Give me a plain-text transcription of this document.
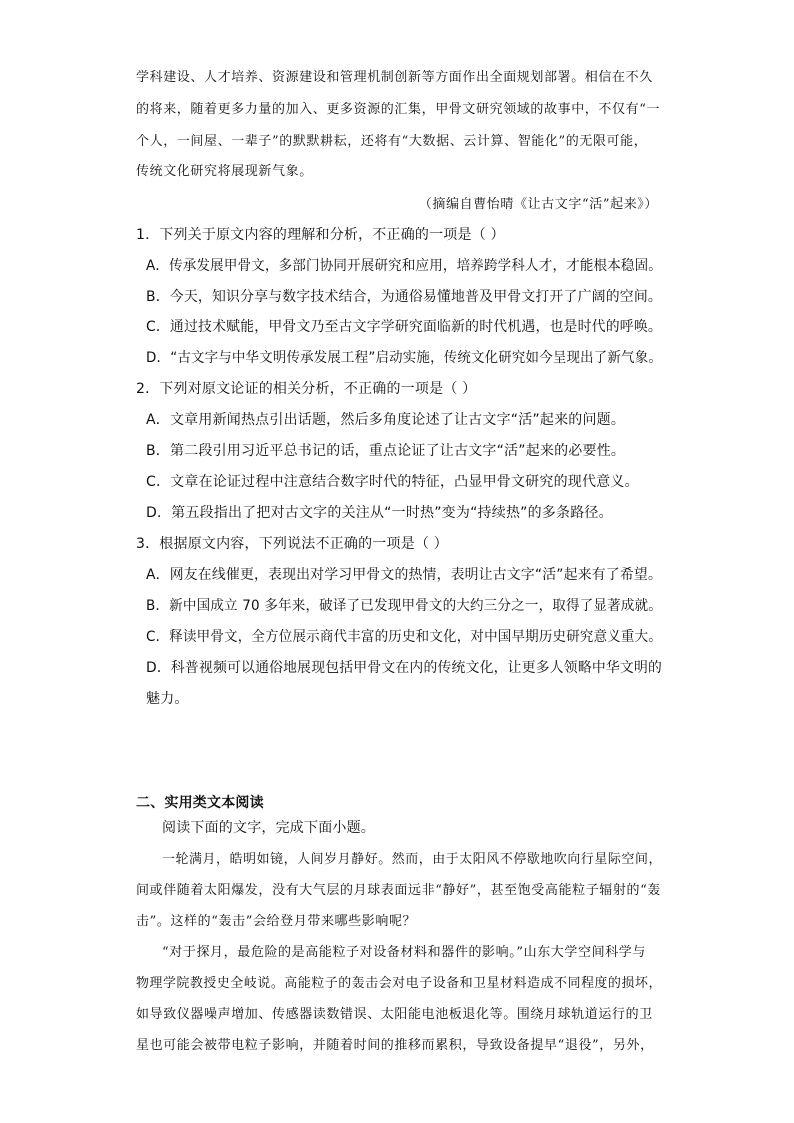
学科建设、人才培养、资源建设和管理机制创新等方面作出全面规划部署。相信在不久
的将来，随着更多力量的加入、更多资源的汇集，甲骨文研究领域的故事中，不仅有“一
个人，一间屋、一辈子”的默默耕耘，还将有“大数据、云计算、智能化”的无限可能，
传统文化研究将展现新气象。
（摘编自曹怡晴《让古文字“活”起来》）
1．下列关于原文内容的理解和分析，不正确的一项是（ ）
A．传承发展甲骨文，多部门协同开展研究和应用，培养跨学科人才，才能根本稳固。
B．今天，知识分享与数字技术结合，为通俗易懂地普及甲骨文打开了广阔的空间。
C．通过技术赋能，甲骨文乃至古文字学研究面临新的时代机遇，也是时代的呼唤。
D．“古文字与中华文明传承发展工程”启动实施，传统文化研究如今呈现出了新气象。
2．下列对原文论证的相关分析，不正确的一项是（ ）
A．文章用新闻热点引出话题，然后多角度论述了让古文字“活”起来的问题。
B．第二段引用习近平总书记的话，重点论证了让古文字“活”起来的必要性。
C．文章在论证过程中注意结合数字时代的特征，凸显甲骨文研究的现代意义。
D．第五段指出了把对古文字的关注从“一时热”变为“持续热”的多条路径。
3．根据原文内容，下列说法不正确的一项是（ ）
A．网友在线催更，表现出对学习甲骨文的热情，表明让古文字“活”起来有了希望。
B．新中国成立 70 多年来，破译了已发现甲骨文的大约三分之一，取得了显著成就。
C．释读甲骨文，全方位展示商代丰富的历史和文化，对中国早期历史研究意义重大。
D．科普视频可以通俗地展现包括甲骨文在内的传统文化，让更多人领略中华文明的
魅力。
二、实用类文本阅读
阅读下面的文字，完成下面小题。
一轮满月，皓明如镜，人间岁月静好。然而，由于太阳风不停歇地吹向行星际空间，
间或伴随着太阳爆发，没有大气层的月球表面远非“静好”，甚至饱受高能粒子辐射的“轰
击”。这样的“轰击”会给登月带来哪些影响呢？
“对于探月，最危险的是高能粒子对设备材料和器件的影响。”山东大学空间科学与
物理学院教授史全岐说。高能粒子的轰击会对电子设备和卫星材料造成不同程度的损坏，
如导致仪器噪声增加、传感器读数错误、太阳能电池板退化等。围绕月球轨道运行的卫
星也可能会被带电粒子影响，并随着时间的推移而累积，导致设备提早“退役”，另外，
